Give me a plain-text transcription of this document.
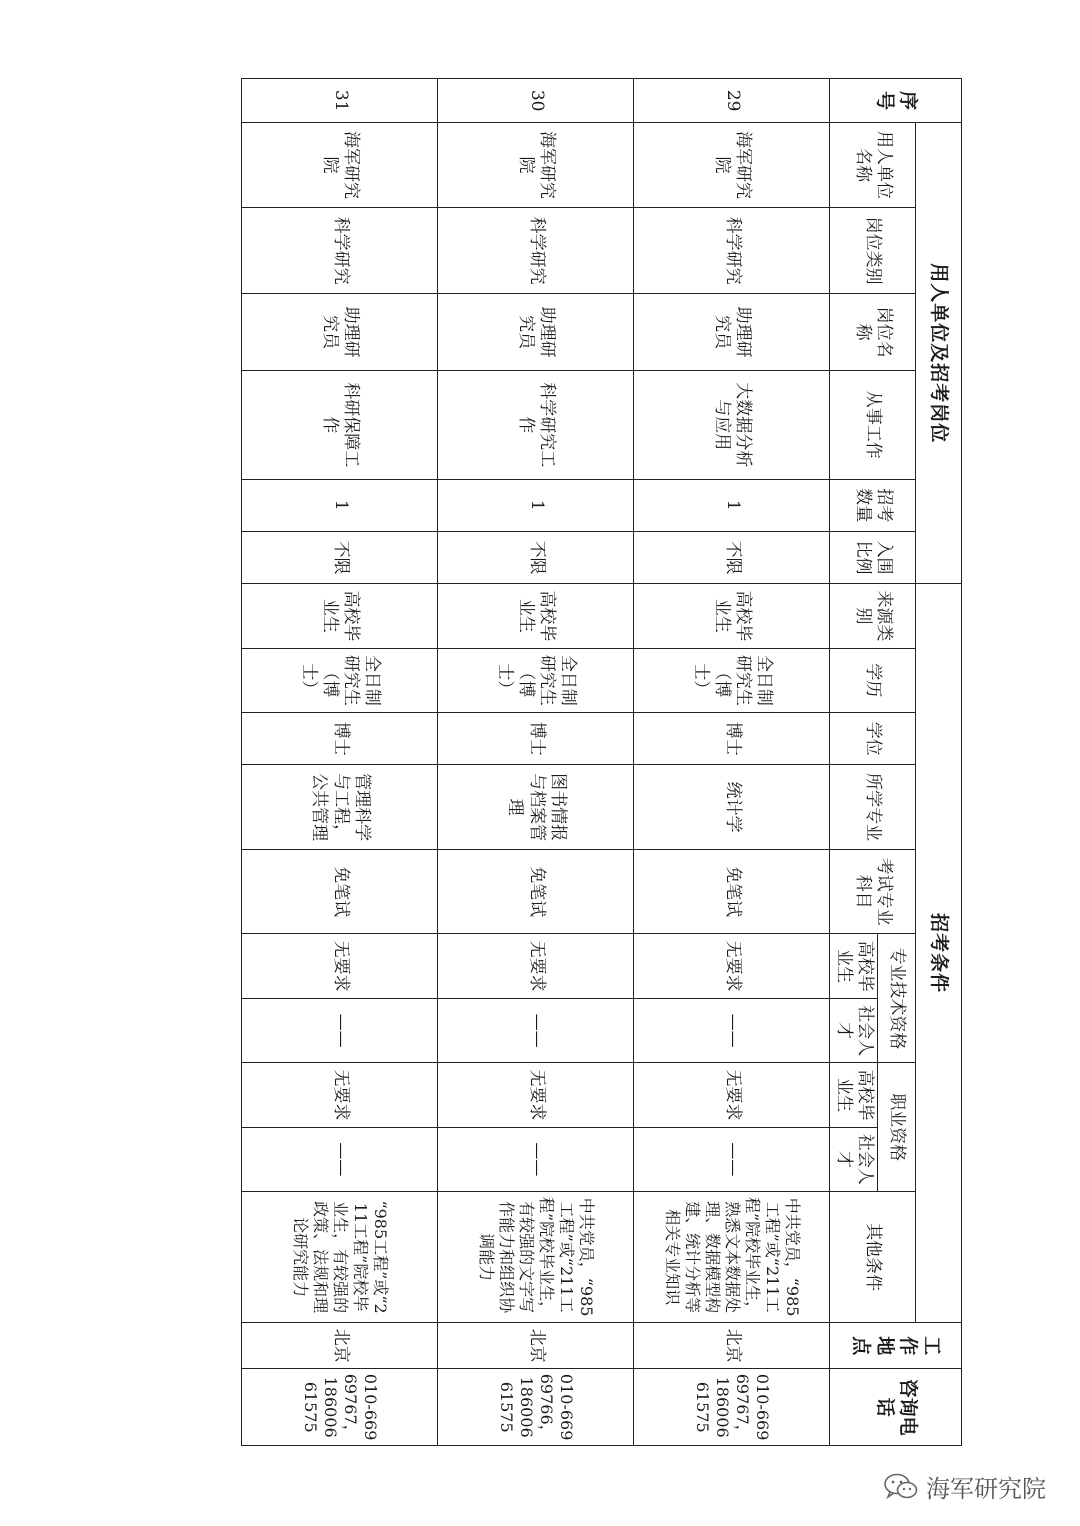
序号	用人单位及招考岗位						招考条件										工作地点	咨询电话
	用人单位名称	岗位类别	岗位名称	从事工作	招考数量	入围比例	来源类别	学历	学位	所学专业	考试专业科目	专业技术资格		职业资格		其他条件		
												高校毕业生	社会人才	高校毕业生	社会人才			
29	海军研究院	科学研究	助理研究员	大数据分析与应用	1	不限	高校毕业生	全日制研究生（博士）	博士	统计学	免笔试	无要求	——	无要求	——	中共党员，“985工程”或“211工程”院校毕业生，熟悉文本数据处理、数据模型构建、统计分析等相关专业知识	北京	010-66969767，18600661575
30	海军研究院	科学研究	助理研究员	科学研究工作	1	不限	高校毕业生	全日制研究生（博士）	博士	图书情报与档案管理	免笔试	无要求	——	无要求	——	中共党员，“985工程”或“211工程”院校毕业生，有较强的文字写作能力和组织协调能力	北京	010-66969766，18600661575
31	海军研究院	科学研究	助理研究员	科研保障工作	1	不限	高校毕业生	全日制研究生（博士）	博士	管理科学与工程，公共管理	免笔试	无要求	——	无要求	——	“985工程”或“211工程”院校毕业生，有较强的政策、法规和理论研究能力	北京	010-66969767，18600661575
海军研究院
